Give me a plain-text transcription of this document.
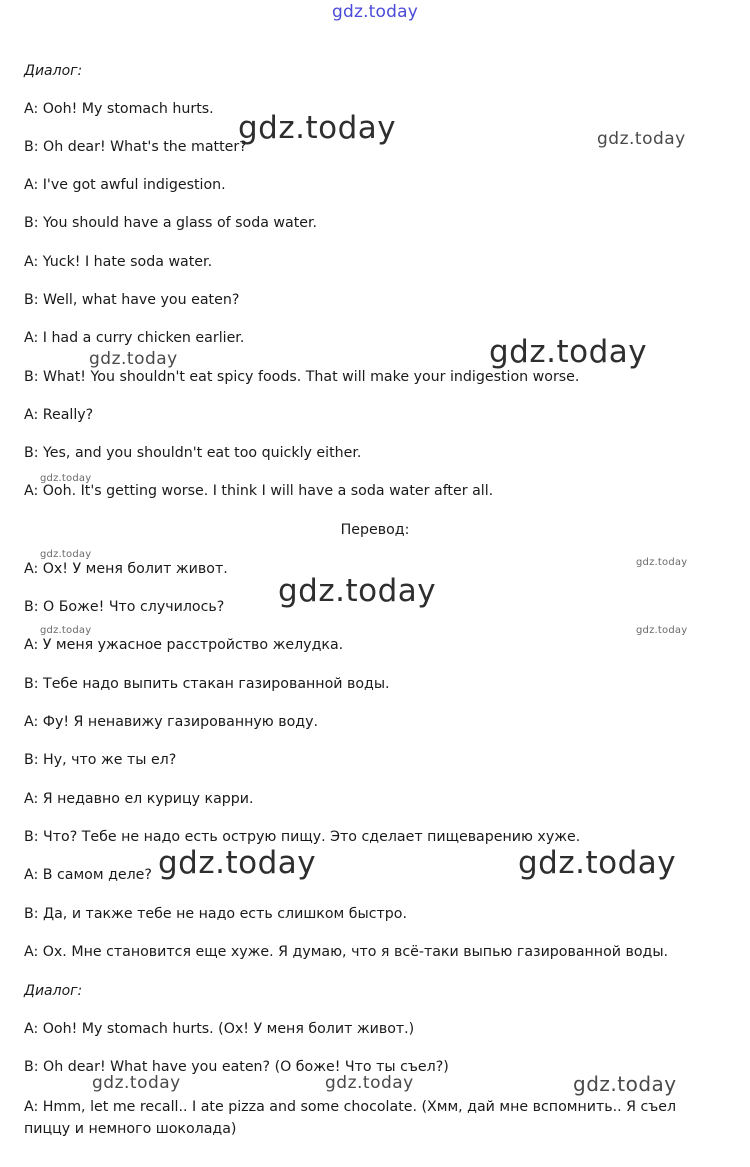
gdz.today
Диалог:
A: Ooh! My stomach hurts.
B: Oh dear! What's the matter?
A: I've got awful indigestion.
B: You should have a glass of soda water.
A: Yuck! I hate soda water.
B: Well, what have you eaten?
A: I had a curry chicken earlier.
B: What! You shouldn't eat spicy foods. That will make your indigestion worse.
A: Really?
B: Yes, and you shouldn't eat too quickly either.
A: Ooh. It's getting worse. I think I will have a soda water after all.
Перевод:
A: Ох! У меня болит живот.
B: О Боже! Что случилось?
A: У меня ужасное расстройство желудка.
B: Тебе надо выпить стакан газированной воды.
A: Фу! Я ненавижу газированную воду.
B: Ну, что же ты ел?
A: Я недавно ел курицу карри.
B: Что? Тебе не надо есть острую пищу. Это сделает пищеварению хуже.
A: В самом деле?
B: Да, и также тебе не надо есть слишком быстро.
A: Ох. Мне становится еще хуже. Я думаю, что я всё-таки выпью газированной воды.
Диалог:
A: Ooh! My stomach hurts. (Ох! У меня болит живот.)
B: Oh dear! What have you eaten? (О боже! Что ты съел?)
A: Hmm, let me recall.. I ate pizza and some chocolate. (Хмм, дай мне вспомнить.. Я съел пиццу и немного шоколада)
gdz.today	gdz.today
gdz.today
gdz.today
gdz.today
gdz.today
gdz.today
gdz.today
gdz.today	gdz.today
gdz.today	gdz.today
gdz.today	gdz.today	gdz.today
